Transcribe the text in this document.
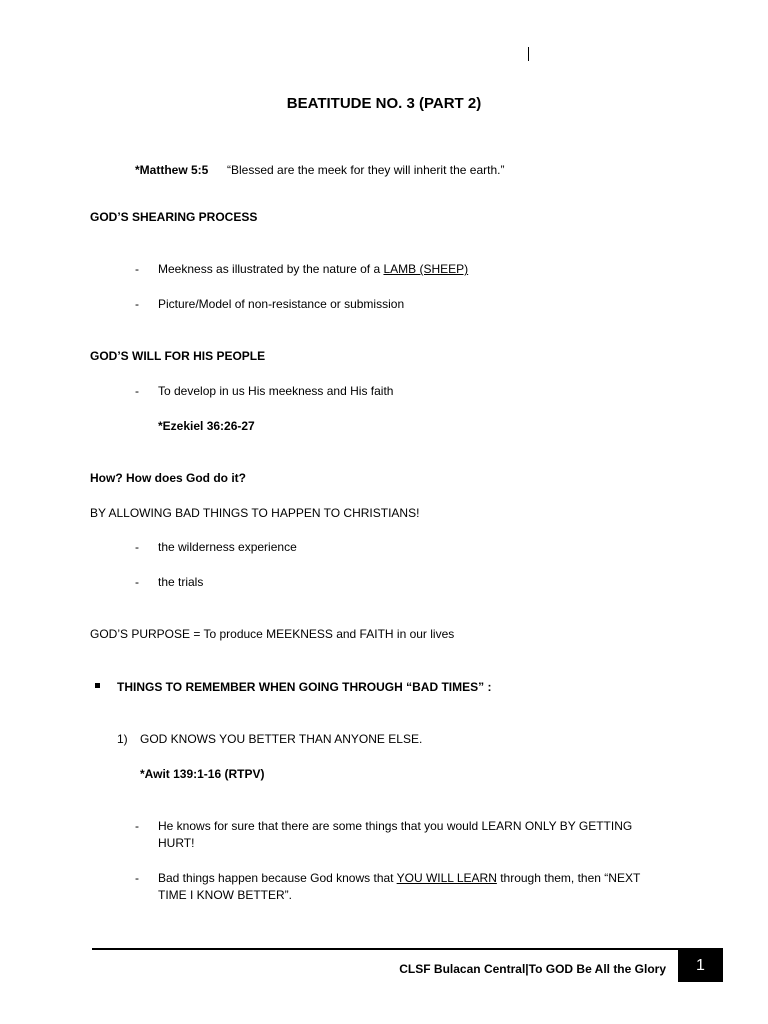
BEATITUDE NO. 3 (PART 2)
*Matthew 5:5 “Blessed are the meek for they will inherit the earth.”
GOD’S SHEARING PROCESS
-	Meekness as illustrated by the nature of a LAMB (SHEEP)
-	Picture/Model of non-resistance or submission
GOD’S WILL FOR HIS PEOPLE
-	To develop in us His meekness and His faith
*Ezekiel 36:26-27
How? How does God do it?
BY ALLOWING BAD THINGS TO HAPPEN TO CHRISTIANS!
-	the wilderness experience
-	the trials
GOD’S PURPOSE = To produce MEEKNESS and FAITH in our lives
THINGS TO REMEMBER WHEN GOING THROUGH “BAD TIMES” :
1) GOD KNOWS YOU BETTER THAN ANYONE ELSE.
*Awit 139:1-16 (RTPV)
-	He knows for sure that there are some things that you would LEARN ONLY BY GETTING
HURT!
-	Bad things happen because God knows that YOU WILL LEARN through them, then “NEXT
TIME I KNOW BETTER”.
CLSF Bulacan Central|To GOD Be All the Glory	1
